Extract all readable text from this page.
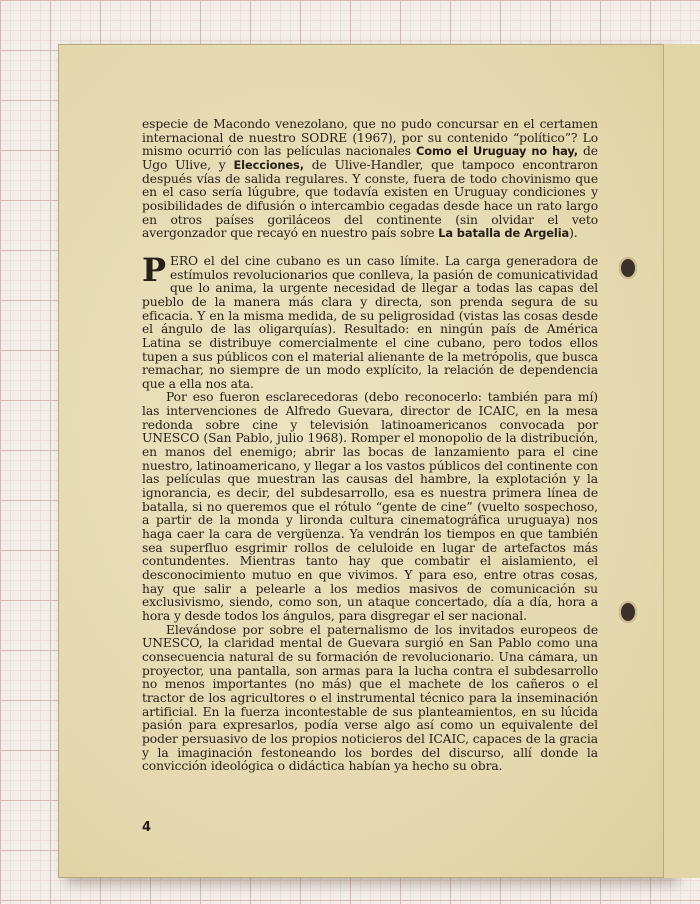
especie de Macondo venezolano, que no pudo concursar en el certamen internacional de nuestro SODRE (1967), por su contenido “político”? Lo mismo ocurrió con las películas nacionales Como el Uruguay no hay, de Ugo Ulive, y Elecciones, de Ulive-Handler, que tampoco encontraron después vías de salida regulares. Y conste, fuera de todo chovinismo que en el caso sería lúgubre, que todavía existen en Uruguay condiciones y posibilidades de difusión o intercambio cegadas desde hace un rato largo en otros países goriláceos del continente (sin olvidar el veto avergonzador que recayó en nuestro país sobre La batalla de Argelia).

PERO el del cine cubano es un caso límite. La carga generadora de estímulos revolucionarios que conlleva, la pasión de comunicatividad que lo anima, la urgente necesidad de llegar a todas las capas del pueblo de la manera más clara y directa, son prenda segura de su eficacia. Y en la misma medida, de su peligrosidad (vistas las cosas desde el ángulo de las oligarquías). Resultado: en ningún país de América Latina se distribuye comercialmente el cine cubano, pero todos ellos tupen a sus públicos con el material alienante de la metrópolis, que busca remachar, no siempre de un modo explícito, la relación de dependencia que a ella nos ata.

Por eso fueron esclarecedoras (debo reconocerlo: también para mí) las intervenciones de Alfredo Guevara, director de ICAIC, en la mesa redonda sobre cine y televisión latinoamericanos convocada por UNESCO (San Pablo, julio 1968). Romper el monopolio de la distribución, en manos del enemigo; abrir las bocas de lanzamiento para el cine nuestro, latinoamericano, y llegar a los vastos públicos del continente con las películas que muestran las causas del hambre, la explotación y la ignorancia, es decir, del subdesarrollo, esa es nuestra primera línea de batalla, si no queremos que el rótulo “gente de cine” (vuelto sospechoso, a partir de la monda y lironda cultura cinematográfica uruguaya) nos haga caer la cara de vergüenza. Ya vendrán los tiempos en que también sea superfluo esgrimir rollos de celuloide en lugar de artefactos más contundentes. Mientras tanto hay que combatir el aislamiento, el desconocimiento mutuo en que vivimos. Y para eso, entre otras cosas, hay que salir a pelearle a los medios masivos de comunicación su exclusivismo, siendo, como son, un ataque concertado, día a día, hora a hora y desde todos los ángulos, para disgregar el ser nacional.

Elevándose por sobre el paternalismo de los invitados europeos de UNESCO, la claridad mental de Guevara surgió en San Pablo como una consecuencia natural de su formación de revolucionario. Una cámara, un proyector, una pantalla, son armas para la lucha contra el subdesarrollo no menos importantes (no más) que el machete de los cañeros o el tractor de los agricultores o el instrumental técnico para la inseminación artificial. En la fuerza incontestable de sus planteamientos, en su lúcida pasión para expresarlos, podía verse algo así como un equivalente del poder persuasivo de los propios noticieros del ICAIC, capaces de la gracia y la imaginación festoneando los bordes del discurso, allí donde la convicción ideológica o didáctica habían ya hecho su obra.

4
